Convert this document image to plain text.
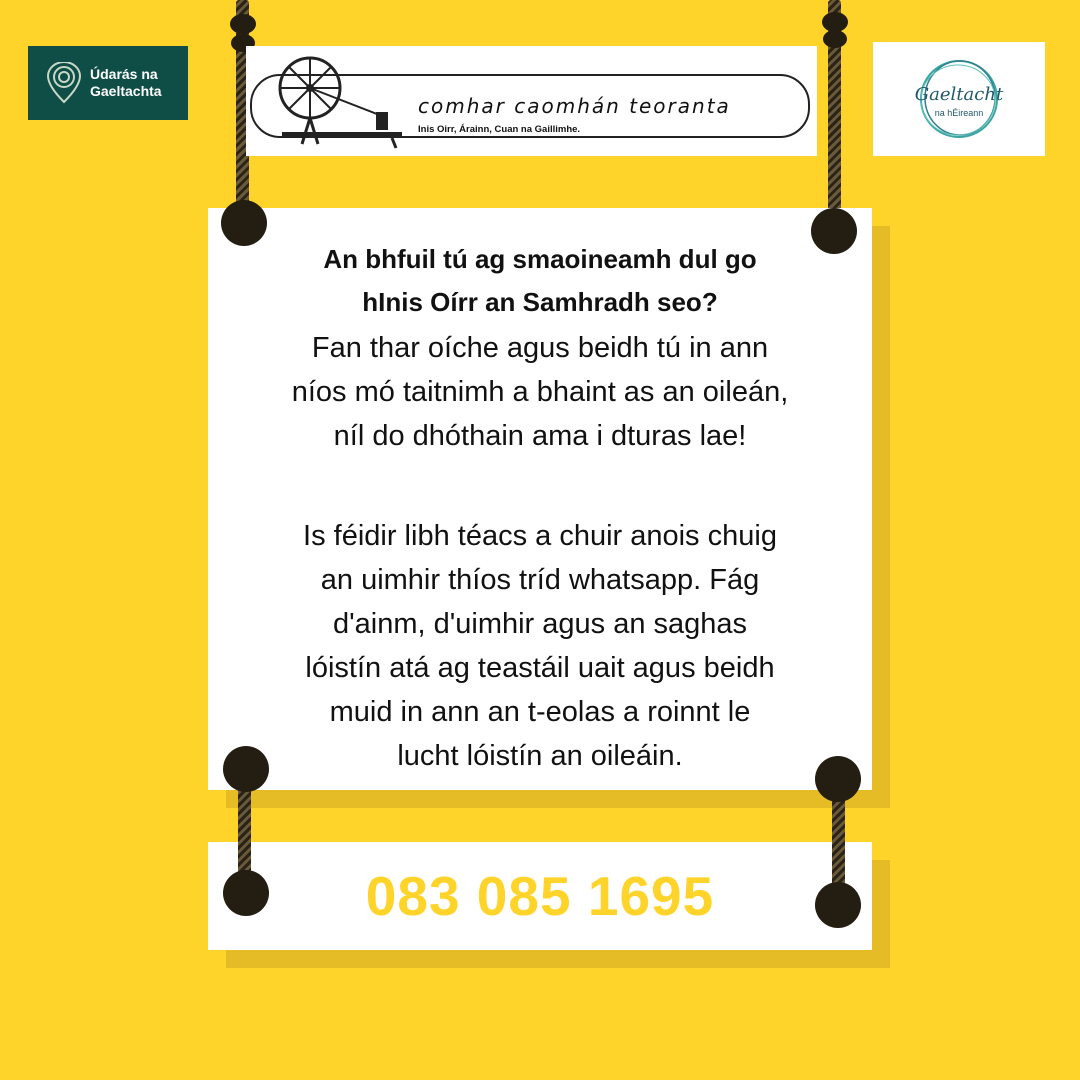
Údarás na
Gaeltachta
comhar caomhán teoranta
Inis Oirr, Árainn, Cuan na Gaillimhe.
Gaeltacht
na hÉireann
An bhfuil tú ag smaoineamh dul go
hInis Oírr an Samhradh seo?
Fan thar oíche agus beidh tú in ann
níos mó taitnimh a bhaint as an oileán,
níl do dhóthain ama i dturas lae!
Is féidir libh téacs a chuir anois chuig
an uimhir thíos tríd whatsapp. Fág
d'ainm, d'uimhir agus an saghas
lóistín atá ag teastáil uait agus beidh
muid in ann an t-eolas a roinnt le
lucht lóistín an oileáin.
083 085 1695
